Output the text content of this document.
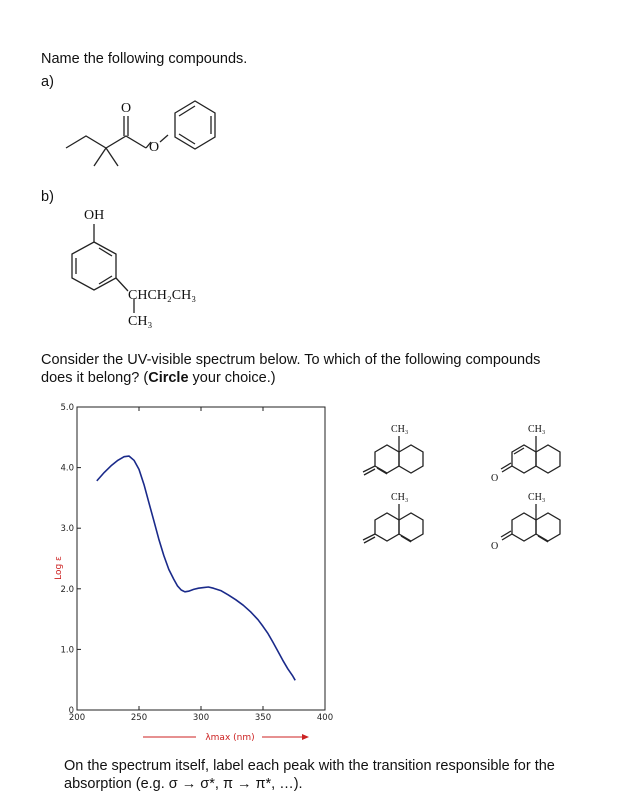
Name the following compounds.
a)
O
O
b)
OH
CHCH₂CH₃
CH₃
Consider the UV-visible spectrum below. To which of the following compounds
does it belong? (Circle your choice.)
0
1.0
2.0
3.0
4.0
5.0
200	250	300	350	400
Log ε
λmax (nm)
CH₃	CH₃
O
CH₃	CH₃
O
On the spectrum itself, label each peak with the transition responsible for the
absorption (e.g. σ → σ*, π → π*, …).
